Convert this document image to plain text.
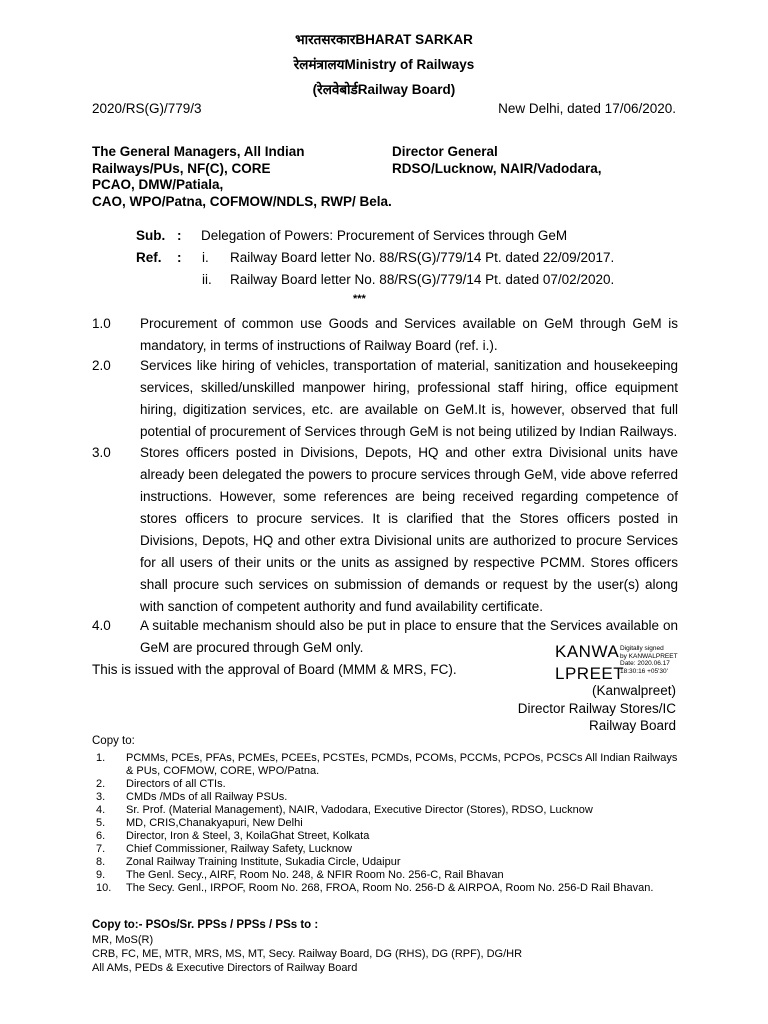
भारतसरकारBHARAT SARKAR
रेलमंत्रालयMinistry of Railways
(रेलवेबोर्डRailway Board)
2020/RS(G)/779/3	New Delhi, dated 17/06/2020.
The General Managers, All Indian
Railways/PUs, NF(C), CORE
PCAO, DMW/Patiala,
CAO, WPO/Patna, COFMOW/NDLS, RWP/ Bela.
Director General
RDSO/Lucknow, NAIR/Vadodara,
Sub. : Delegation of Powers: Procurement of Services through GeM
Ref. : i. Railway Board letter No. 88/RS(G)/779/14 Pt. dated 22/09/2017.
ii. Railway Board letter No. 88/RS(G)/779/14 Pt. dated 07/02/2020.
***
1.0 Procurement of common use Goods and Services available on GeM through GeM is mandatory, in terms of instructions of Railway Board (ref. i.).
2.0 Services like hiring of vehicles, transportation of material, sanitization and housekeeping services, skilled/unskilled manpower hiring, professional staff hiring, office equipment hiring, digitization services, etc. are available on GeM.It is, however, observed that full potential of procurement of Services through GeM is not being utilized by Indian Railways.
3.0 Stores officers posted in Divisions, Depots, HQ and other extra Divisional units have already been delegated the powers to procure services through GeM, vide above referred instructions. However, some references are being received regarding competence of stores officers to procure services. It is clarified that the Stores officers posted in Divisions, Depots, HQ and other extra Divisional units are authorized to procure Services for all users of their units or the units as assigned by respective PCMM. Stores officers shall procure such services on submission of demands or request by the user(s) along with sanction of competent authority and fund availability certificate.
4.0 A suitable mechanism should also be put in place to ensure that the Services available on GeM are procured through GeM only.
This is issued with the approval of Board (MMM & MRS, FC).
KANWA
LPREET
Digitally signed
by KANWALPREET
Date: 2020.06.17
18:30:16 +05'30'
(Kanwalpreet)
Director Railway Stores/IC
Railway Board
Copy to:
1. PCMMs, PCEs, PFAs, PCMEs, PCEEs, PCSTEs, PCMDs, PCOMs, PCCMs, PCPOs, PCSCs All Indian Railways & PUs, COFMOW, CORE, WPO/Patna.
2. Directors of all CTIs.
3. CMDs /MDs of all Railway PSUs.
4. Sr. Prof. (Material Management), NAIR, Vadodara, Executive Director (Stores), RDSO, Lucknow
5. MD, CRIS,Chanakyapuri, New Delhi
6. Director, Iron & Steel, 3, KoilaGhat Street, Kolkata
7. Chief Commissioner, Railway Safety, Lucknow
8. Zonal Railway Training Institute, Sukadia Circle, Udaipur
9. The Genl. Secy., AIRF, Room No. 248, & NFIR Room No. 256-C, Rail Bhavan
10. The Secy. Genl., IRPOF, Room No. 268, FROA, Room No. 256-D & AIRPOA, Room No. 256-D Rail Bhavan.
Copy to:- PSOs/Sr. PPSs / PPSs / PSs to :
MR, MoS(R)
CRB, FC, ME, MTR, MRS, MS, MT, Secy. Railway Board, DG (RHS), DG (RPF), DG/HR
All AMs, PEDs & Executive Directors of Railway Board
